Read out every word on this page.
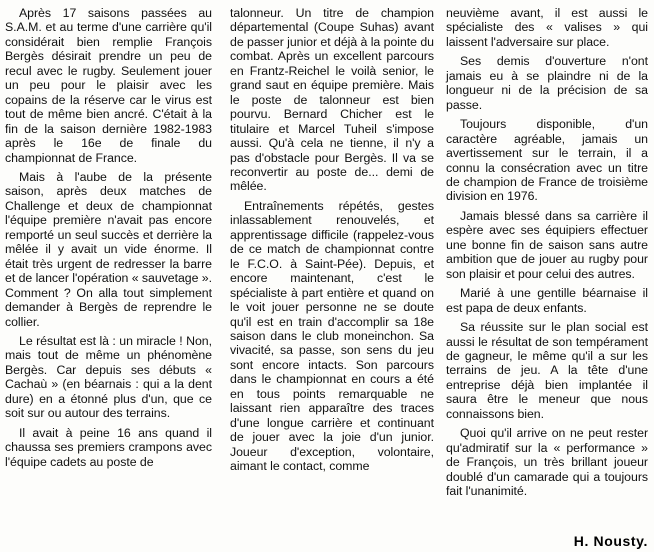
Après 17 saisons passées au S.A.M. et au terme d'une carrière qu'il considérait bien remplie François Bergès désirait prendre un peu de recul avec le rugby. Seulement jouer un peu pour le plaisir avec les copains de la réserve car le virus est tout de même bien ancré. C'était à la fin de la saison dernière 1982-1983 après le 16e de finale du championnat de France.

Mais à l'aube de la présente saison, après deux matches de Challenge et deux de championnat l'équipe première n'avait pas encore remporté un seul succès et derrière la mêlée il y avait un vide énorme. Il était très urgent de redresser la barre et de lancer l'opération « sauvetage ». Comment ? On alla tout simplement demander à Bergès de reprendre le collier.

Le résultat est là : un miracle ! Non, mais tout de même un phénomène Bergès. Car depuis ses débuts « Cachaù » (en béarnais : qui a la dent dure) en a étonné plus d'un, que ce soit sur ou autour des terrains.

Il avait à peine 16 ans quand il chaussa ses premiers crampons avec l'équipe cadets au poste de

talonneur. Un titre de champion départemental (Coupe Suhas) avant de passer junior et déjà à la pointe du combat. Après un excellent parcours en Frantz-Reichel le voilà senior, le grand saut en équipe première. Mais le poste de talonneur est bien pourvu. Bernard Chicher est le titulaire et Marcel Tuheil s'impose aussi. Qu'à cela ne tienne, il n'y a pas d'obstacle pour Bergès. Il va se reconvertir au poste de... demi de mêlée.

Entraînements répétés, gestes inlassablement renouvelés, et apprentissage difficile (rappelez-vous de ce match de championnat contre le F.C.O. à Saint-Pée). Depuis, et encore maintenant, c'est le spécialiste à part entière et quand on le voit jouer personne ne se doute qu'il est en train d'accomplir sa 18e saison dans le club moneinchon. Sa vivacité, sa passe, son sens du jeu sont encore intacts. Son parcours dans le championnat en cours a été en tous points remarquable ne laissant rien apparaître des traces d'une longue carrière et continuant de jouer avec la joie d'un junior. Joueur d'exception, volontaire, aimant le contact, comme

neuvième avant, il est aussi le spécialiste des « valises » qui laissent l'adversaire sur place.

Ses demis d'ouverture n'ont jamais eu à se plaindre ni de la longueur ni de la précision de sa passe.

Toujours disponible, d'un caractère agréable, jamais un avertissement sur le terrain, il a connu la consécration avec un titre de champion de France de troisième division en 1976.

Jamais blessé dans sa carrière il espère avec ses équipiers effectuer une bonne fin de saison sans autre ambition que de jouer au rugby pour son plaisir et pour celui des autres.

Marié à une gentille béarnaise il est papa de deux enfants.

Sa réussite sur le plan social est aussi le résultat de son tempérament de gagneur, le même qu'il a sur les terrains de jeu. A la tête d'une entreprise déjà bien implantée il saura être le meneur que nous connaissons bien.

Quoi qu'il arrive on ne peut rester qu'admiratif sur la « performance » de François, un très brillant joueur doublé d'un camarade qui a toujours fait l'unanimité.

H. Nousty.
